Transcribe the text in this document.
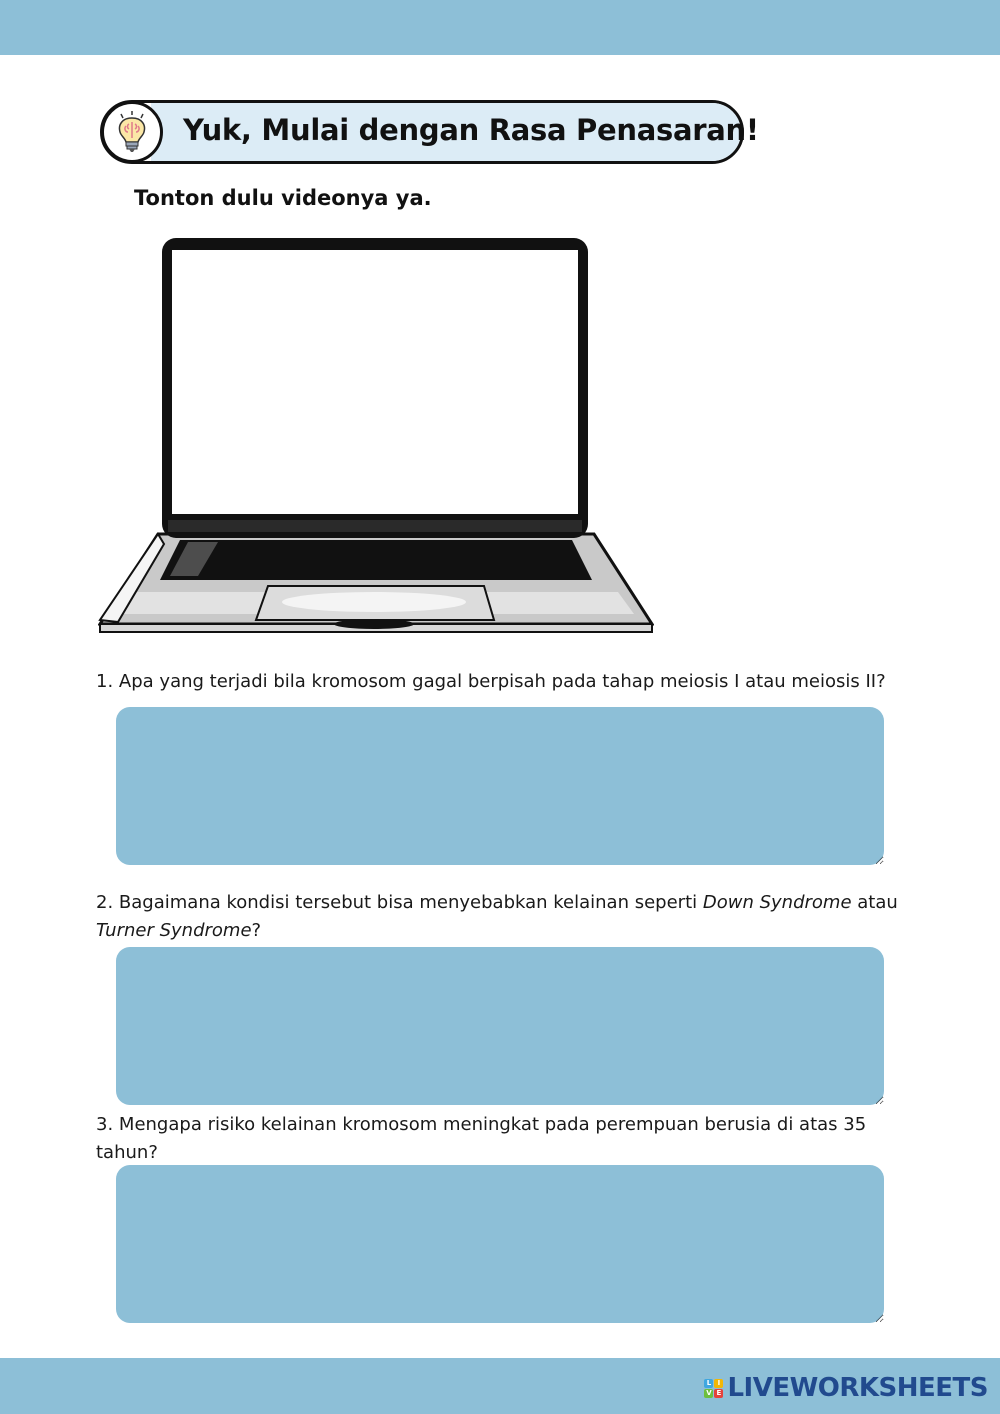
Yuk, Mulai dengan Rasa Penasaran!
Tonton dulu videonya ya.
1. Apa yang terjadi bila kromosom gagal berpisah pada tahap meiosis I atau meiosis II?
2. Bagaimana kondisi tersebut bisa menyebabkan kelainan seperti Down Syndrome atau Turner Syndrome?
3. Mengapa risiko kelainan kromosom meningkat pada perempuan berusia di atas 35 tahun?
L I
V E LIVEWORKSHEETS
